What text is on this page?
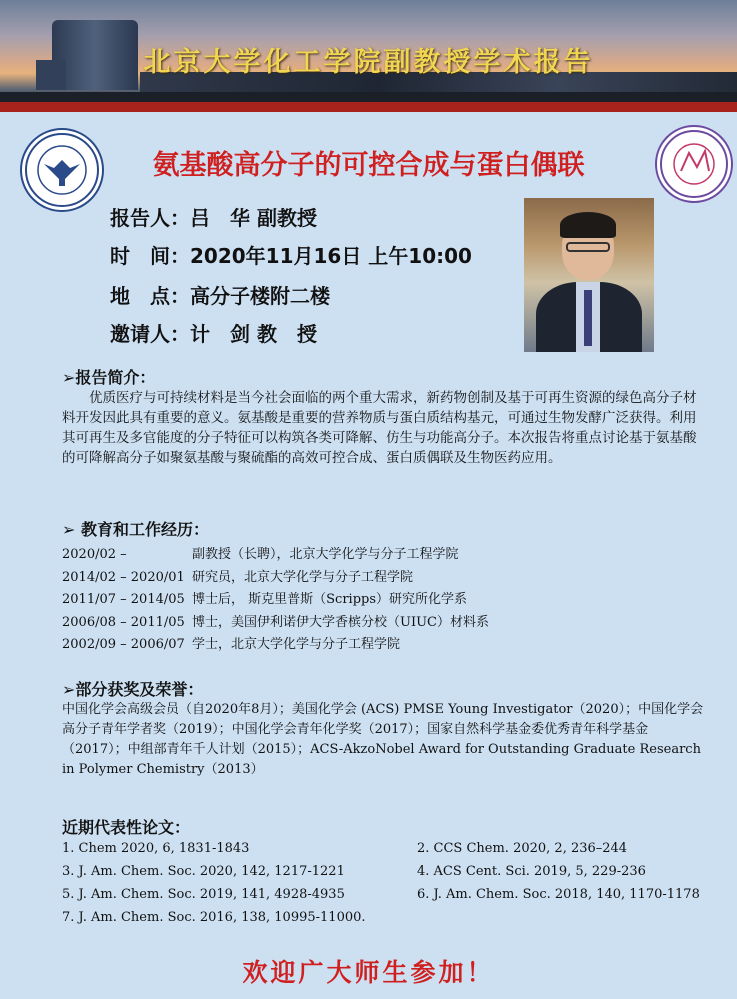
北京大学化工学院副教授学术报告
氨基酸高分子的可控合成与蛋白偶联
报告人：吕　华 副教授
时　间：2020年11月16日 上午10:00
地　点：高分子楼附二楼
邀请人：计　剑 教　授
➢报告简介：

优质医疗与可持续材料是当今社会面临的两个重大需求，新药物创制及基于可再生资源的绿色高分子材料开发因此具有重要的意义。氨基酸是重要的营养物质与蛋白质结构基元，可通过生物发酵广泛获得。利用其可再生及多官能度的分子特征可以构筑各类可降解、仿生与功能高分子。本次报告将重点讨论基于氨基酸的可降解高分子如聚氨基酸与聚硫酯的高效可控合成、蛋白质偶联及生物医药应用。

➢ 教育和工作经历：
2020/02 –	副教授（长聘），北京大学化学与分子工程学院
2014/02 – 2020/01 研究员，北京大学化学与分子工程学院
2011/07 – 2014/05 博士后， 斯克里普斯（Scripps）研究所化学系
2006/08 – 2011/05 博士，美国伊利诺伊大学香槟分校（UIUC）材料系
2002/09 – 2006/07 学士，北京大学化学与分子工程学院
➢部分获奖及荣誉：

中国化学会高级会员（自2020年8月）；美国化学会 (ACS) PMSE Young Investigator（2020）；中国化学会高分子青年学者奖（2019）；中国化学会青年化学奖（2017）；国家自然科学基金委优秀青年科学基金（2017）；中组部青年千人计划（2015）；ACS-AkzoNobel Award for Outstanding Graduate Research in Polymer Chemistry（2013）

近期代表性论文：
1. Chem 2020, 6, 1831-1843	2. CCS Chem. 2020, 2, 236–244
3. J. Am. Chem. Soc. 2020, 142, 1217-1221	4. ACS Cent. Sci. 2019, 5, 229-236
5. J. Am. Chem. Soc. 2019, 141, 4928-4935	6. J. Am. Chem. Soc. 2018, 140, 1170-1178
7. J. Am. Chem. Soc. 2016, 138, 10995-11000.
欢迎广大师生参加！
